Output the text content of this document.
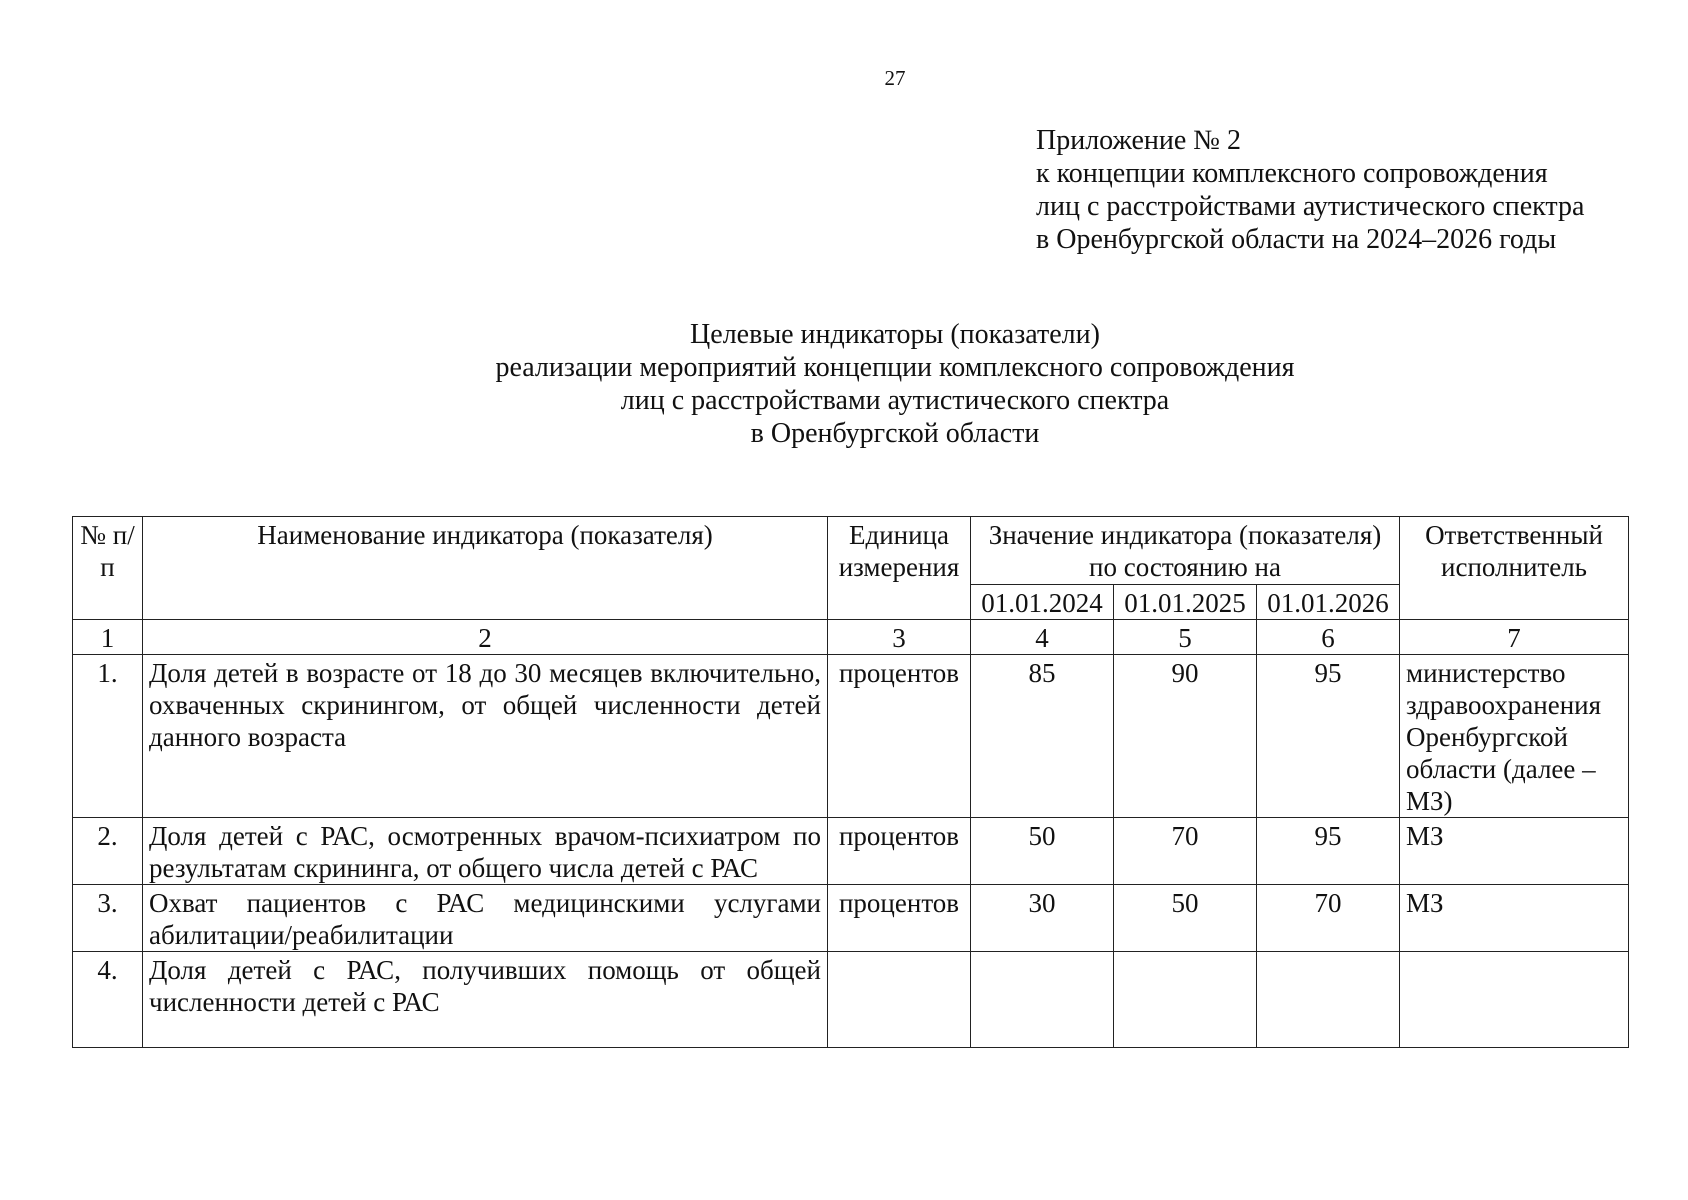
27
Приложение № 2
к концепции комплексного сопровождения
лиц с расстройствами аутистического спектра
в Оренбургской области на 2024–2026 годы
Целевые индикаторы (показатели)
реализации мероприятий концепции комплексного сопровождения
лиц с расстройствами аутистического спектра
в Оренбургской области
№ п/п	Наименование индикатора (показателя)	Единица измерения	Значение индикатора (показателя) по состоянию на			Ответственный исполнитель
			01.01.2024	01.01.2025	01.01.2026	
1	2	3	4	5	6	7
1.	Доля детей в возрасте от 18 до 30 месяцев включительно, охваченных скринингом, от общей численности детей данного возраста	процентов	85	90	95	министерство здравоохранения Оренбургской области (далее – МЗ)
2.	Доля детей с РАС, осмотренных врачом-психиатром по результатам скрининга, от общего числа детей с РАС	процентов	50	70	95	МЗ
3.	Охват пациентов с РАС медицинскими услугами абилитации/реабилитации	процентов	30	50	70	МЗ
4.	Доля детей с РАС, получивших помощь от общей численности детей с РАС					
